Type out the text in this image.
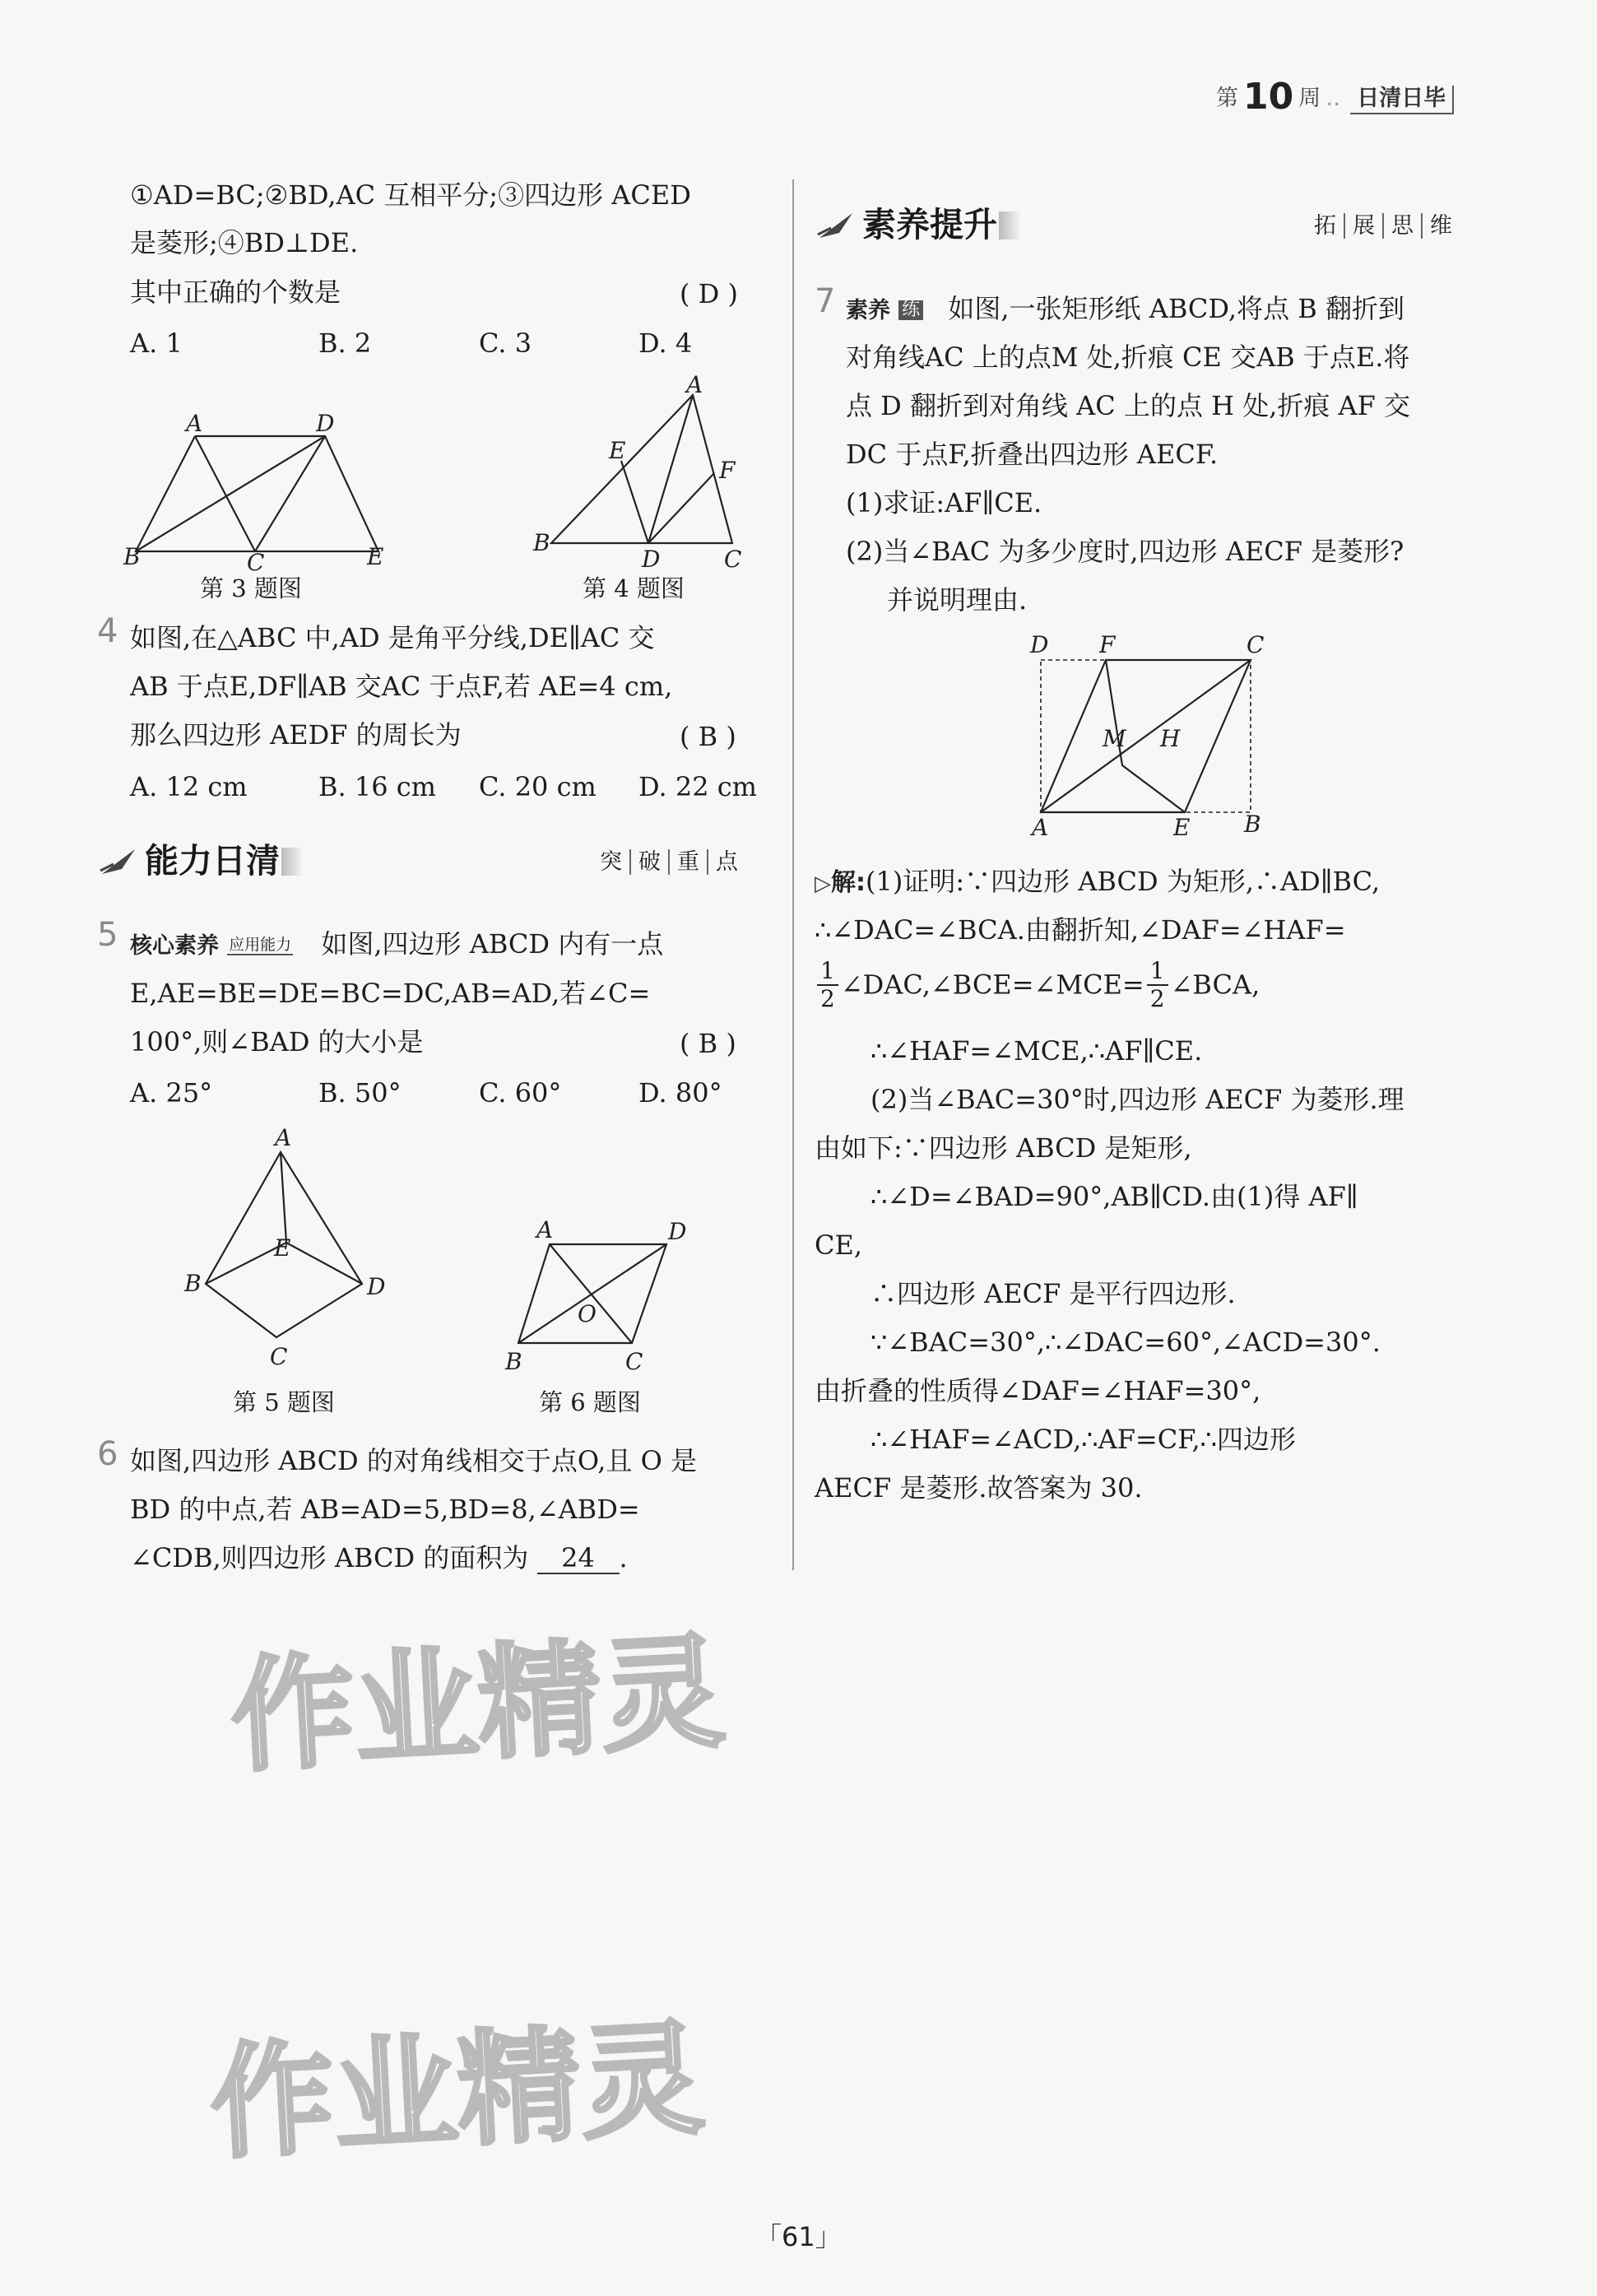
第 10 周 ‥ 日清日毕
①AD=BC;②BD,AC 互相平分;③四边形 ACED
是菱形;④BD⊥DE.
其中正确的个数是	( D )
A. 1	B. 2	C. 3	D. 4
A	D
B	C	E
第 3 题图
A
E
F
B
D	C
第 4 题图
4 如图,在△ABC 中,AD 是角平分线,DE∥AC 交
AB 于点E,DF∥AB 交AC 于点F,若 AE=4 cm,
那么四边形 AEDF 的周长为	( B )
A. 12 cm	B. 16 cm C. 20 cm D. 22 cm
能力日清	突 破 重 点
5 核心素养 应用能力 如图,四边形 ABCD 内有一点
E,AE=BE=DE=BC=DC,AB=AD,若∠C=
100°,则∠BAD 的大小是	( B )
A. 25°	B. 50°	C. 60°	D. 80°
A
E
B	D
C
第 5 题图
A	D
O
B	C
第 6 题图
6 如图,四边形 ABCD 的对角线相交于点O,且 O 是
BD 的中点,若 AB=AD=5,BD=8,∠ABD=
∠CDB,则四边形 ABCD 的面积为 24 .
作业精灵
作业精灵
素养提升	拓 展 思 维
7 素养 练 如图,一张矩形纸 ABCD,将点 B 翻折到
对角线AC 上的点M 处,折痕 CE 交AB 于点E.将
点 D 翻折到对角线 AC 上的点 H 处,折痕 AF 交
DC 于点F,折叠出四边形 AECF.
(1)求证:AF∥CE.
(2)当∠BAC 为多少度时,四边形 AECF 是菱形?
并说明理由.
D F	C
M H
A	E B
▷解:(1)证明:∵四边形 ABCD 为矩形,∴AD∥BC,
∴∠DAC=∠BCA.由翻折知,∠DAF=∠HAF=
$\frac{1}{2}$ ∠DAC,∠BCE=∠MCE= $\frac{1}{2}$ ∠BCA,
∴∠HAF=∠MCE,∴AF∥CE.
(2)当∠BAC=30°时,四边形 AECF 为菱形.理
由如下:∵四边形 ABCD 是矩形,
∴∠D=∠BAD=90°,AB∥CD.由(1)得 AF∥
CE,
∴四边形 AECF 是平行四边形.
∵∠BAC=30°,∴∠DAC=60°,∠ACD=30°.
由折叠的性质得∠DAF=∠HAF=30°,
∴∠HAF=∠ACD,∴AF=CF,∴四边形
AECF 是菱形.故答案为 30.
「61」
